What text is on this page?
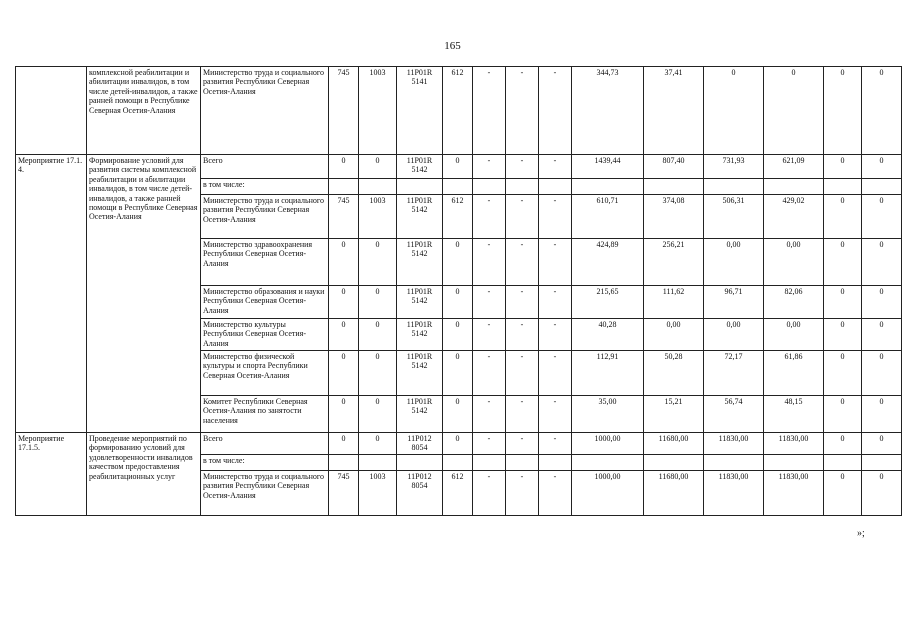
165
	комплексной реабилитации и абилитации инвалидов, в том числе детей-инвалидов, а также ранней помощи в Республике Северная Осетия-Алания	Министерство труда и социального развития Республики Северная Осетия-Алания	745	1003	11P01R 5141	612	-	-	-	344,73	37,41	0	0	0	0
Мероприятие 17.1. 4.	Формирование условий для развития системы комплексной реабилитации и абилитации инвалидов, в том числе детей-инвалидов, а также ранней помощи в Республике Северная Осетия-Алания	Всего	0	0	11P01R 5142	0	-	-	-	1439,44	807,40	731,93	621,09	0	0
		в том числе:													
		Министерство труда и социального развития Республики Северная Осетия-Алания	745	1003	11P01R 5142	612	-	-	-	610,71	374,08	506,31	429,02	0	0
		Министерство здравоохранения Республики Северная Осетия-Алания	0	0	11P01R 5142	0	-	-	-	424,89	256,21	0,00	0,00	0	0
		Министерство образования и науки Республики Северная Осетия-Алания	0	0	11P01R 5142	0	-	-	-	215,65	111,62	96,71	82,06	0	0
		Министерство культуры Республики Северная Осетия-Алания	0	0	11P01R 5142	0	-	-	-	40,28	0,00	0,00	0,00	0	0
		Министерство физической культуры и спорта Республики Северная Осетия-Алания	0	0	11P01R 5142	0	-	-	-	112,91	50,28	72,17	61,86	0	0
		Комитет Республики Северная Осетия-Алания по занятости населения	0	0	11P01R 5142	0	-	-	-	35,00	15,21	56,74	48,15	0	0
Мероприятие 17.1.5.	Проведение мероприятий по формированию условий для удовлетворенности инвалидов качеством предоставления реабилитационных услуг	Всего	0	0	11P012 8054	0	-	-	-	1000,00	11680,00	11830,00	11830,00	0	0
		в том числе:													
		Министерство труда и социального развития Республики Северная Осетия-Алания	745	1003	11P012 8054	612	-	-	-	1000,00	11680,00	11830,00	11830,00	0	0
»;
